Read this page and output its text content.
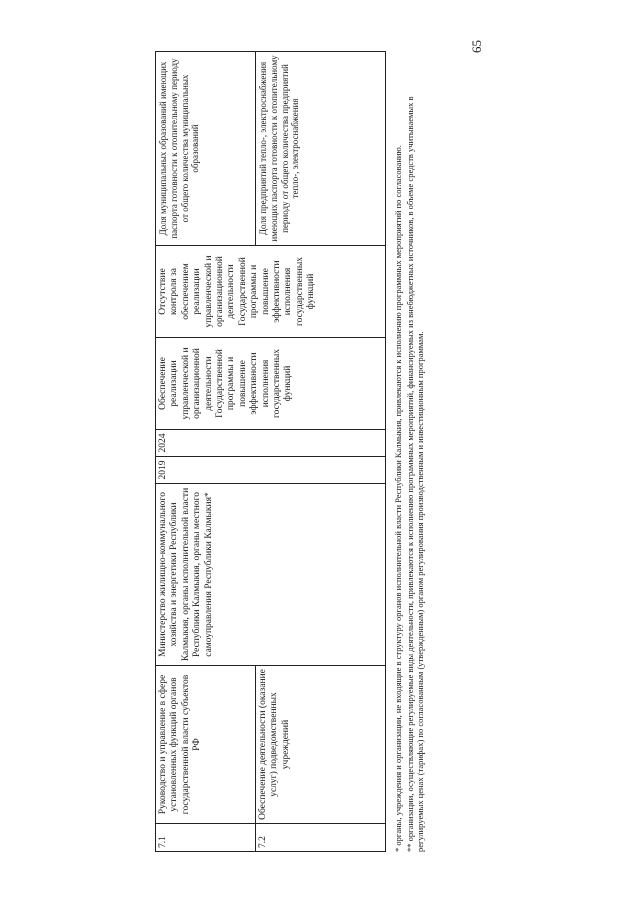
7.1	Руководство и управление в сфере установленных функций органов государственной власти субъектов РФ	Министерство жилищно-коммунального хозяйства и энергетики Республики Калмыкия, органы исполнительной власти Республики Калмыкия, органы местного самоуправления Республики Калмыкия*	2019	2024	Обеспечение реализации управленческой и организационной деятельности Государственной программы и повышение эффективности исполнения государственных функций	Отсутствие контроля за обеспечением реализации управленческой и организационной деятельности Государственной программы и повышение эффективности исполнения государственных функций	Доля муниципальных образований имеющих паспорта готовности к отопительному периоду от общего количества муниципальных образований
7.2	Обеспечение деятельности (оказание услуг) подведомственных учреждений						Доля предприятий тепло-, электроснабжения имеющих паспорта готовности к отопительному периоду от общего количества предприятий тепло-, электроснабжения	* органы, учреждения и организации, не входящие в структуру органов исполнительной власти Республики Калмыкия, привлекаются к исполнению программных мероприятий по согласованию. ** организации, осуществляющие регулируемые виды деятельности, привлекаются к исполнению программных мероприятий, финансируемых из внебюджетных источников, в объеме средств учитываемых в регулируемых ценах (тарифах) по согласованным (утвержденным) органом регулирования производственным и инвестиционным программам.

65
